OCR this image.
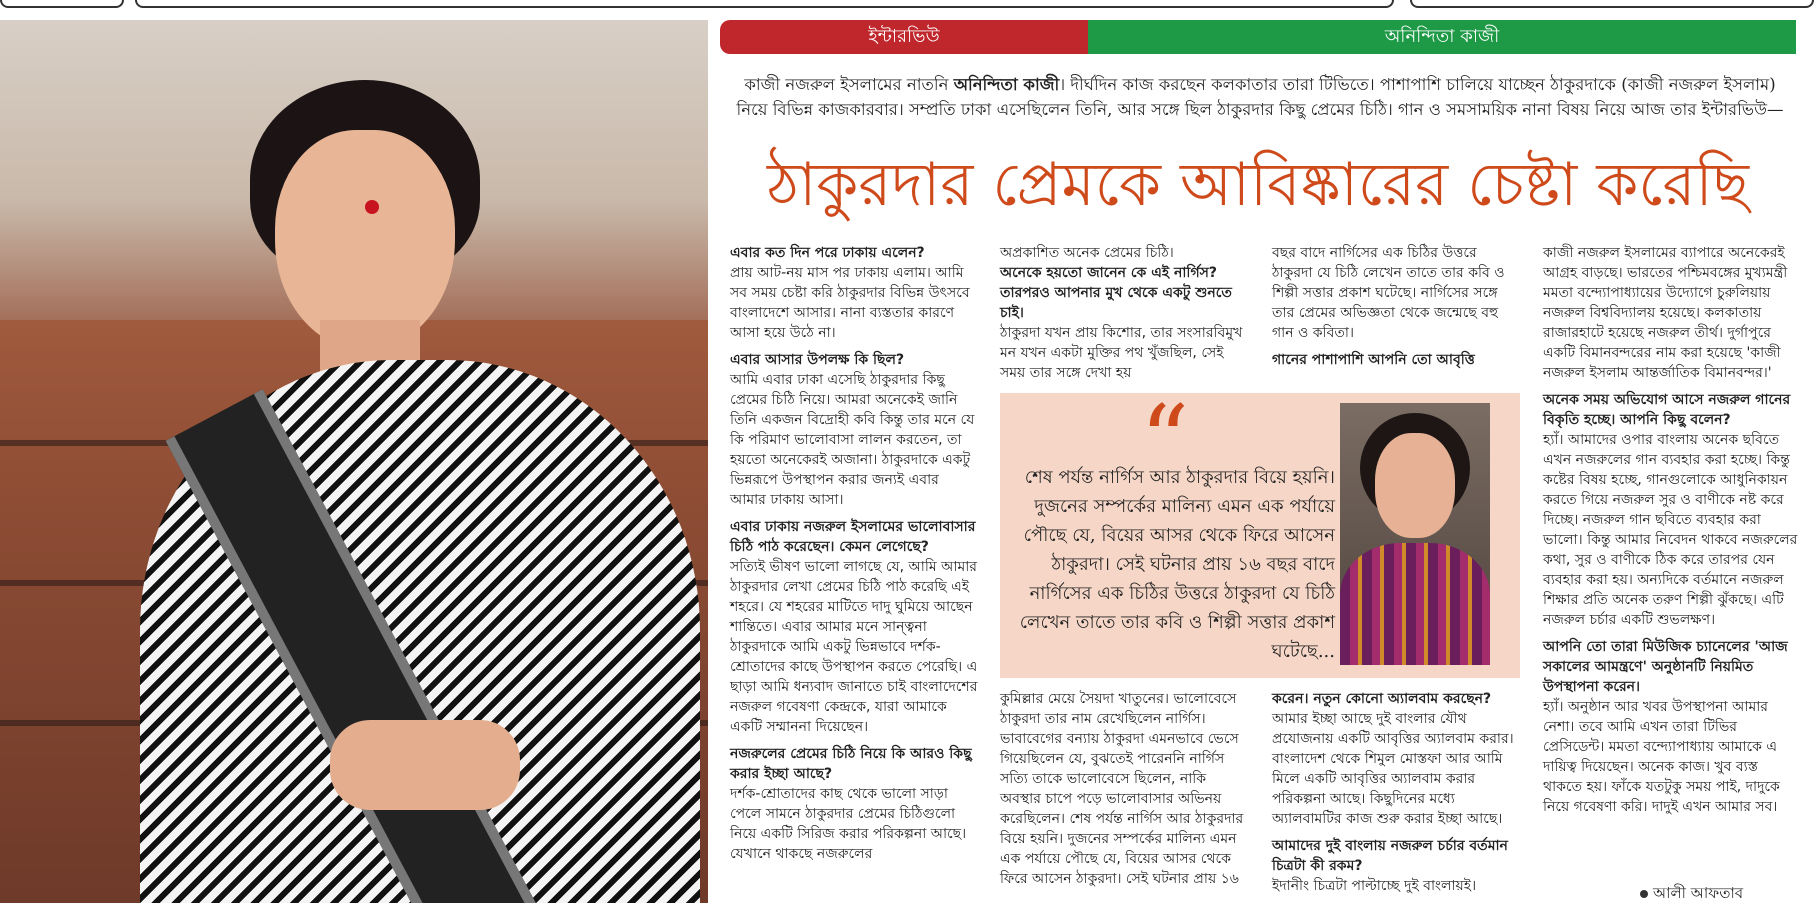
ইন্টারভিউ	অনিন্দিতা কাজী
কাজী নজরুল ইসলামের নাতনি অনিন্দিতা কাজী। দীর্ঘদিন কাজ করছেন কলকাতার তারা টিভিতে। পাশাপাশি চালিয়ে যাচ্ছেন ঠাকুরদাকে (কাজী নজরুল ইসলাম) নিয়ে বিভিন্ন কাজকারবার। সম্প্রতি ঢাকা এসেছিলেন তিনি, আর সঙ্গে ছিল ঠাকুরদার কিছু প্রেমের চিঠি। গান ও সমসাময়িক নানা বিষয় নিয়ে আজ তার ইন্টারভিউ—
ঠাকুরদার প্রেমকে আবিষ্কারের চেষ্টা করেছি

এবার কত দিন পরে ঢাকায় এলেন?
প্রায় আট-নয় মাস পর ঢাকায় এলাম। আমি সব সময় চেষ্টা করি ঠাকুরদার বিভিন্ন উৎসবে বাংলাদেশে আসার। নানা ব্যস্ততার কারণে আসা হয়ে উঠে না।

এবার আসার উপলক্ষ কি ছিল?
আমি এবার ঢাকা এসেছি ঠাকুরদার কিছু প্রেমের চিঠি নিয়ে। আমরা অনেকেই জানি তিনি একজন বিদ্রোহী কবি কিন্তু তার মনে যে কি পরিমাণ ভালোবাসা লালন করতেন, তা হয়তো অনেকেরই অজানা। ঠাকুরদাকে একটু ভিন্নরূপে উপস্থাপন করার জন্যই এবার আমার ঢাকায় আসা।

এবার ঢাকায় নজরুল ইসলামের ভালোবাসার চিঠি পাঠ করেছেন। কেমন লেগেছে?
সত্যিই ভীষণ ভালো লাগছে যে, আমি আমার ঠাকুরদার লেখা প্রেমের চিঠি পাঠ করেছি এই শহরে। যে শহরের মাটিতে দাদু ঘুমিয়ে আছেন শান্তিতে। এবার আমার মনে সান্ত্বনা ঠাকুরদাকে আমি একটু ভিন্নভাবে দর্শক-শ্রোতাদের কাছে উপস্থাপন করতে পেরেছি। এ ছাড়া আমি ধন্যবাদ জানাতে চাই বাংলাদেশের নজরুল গবেষণা কেন্দ্রকে, যারা আমাকে একটি সম্মাননা দিয়েছেন।

নজরুলের প্রেমের চিঠি নিয়ে কি আরও কিছু করার ইচ্ছা আছে?
দর্শক-শ্রোতাদের কাছ থেকে ভালো সাড়া পেলে সামনে ঠাকুরদার প্রেমের চিঠিগুলো নিয়ে একটি সিরিজ করার পরিকল্পনা আছে। যেখানে থাকছে নজরুলের

অপ্রকাশিত অনেক প্রেমের চিঠি।
অনেকে হয়তো জানেন কে এই নার্গিস? তারপরও আপনার মুখ থেকে একটু শুনতে চাই।
ঠাকুরদা যখন প্রায় কিশোর, তার সংসারবিমুখ মন যখন একটা মুক্তির পথ খুঁজছিল, সেই সময় তার সঙ্গে দেখা হয়

বছর বাদে নার্গিসের এক চিঠির উত্তরে ঠাকুরদা যে চিঠি লেখেন তাতে তার কবি ও শিল্পী সত্তার প্রকাশ ঘটেছে। নার্গিসের সঙ্গে তার প্রেমের অভিজ্ঞতা থেকে জন্মেছে বহু গান ও কবিতা।

গানের পাশাপাশি আপনি তো আবৃত্তি

“
শেষ পর্যন্ত নার্গিস আর ঠাকুরদার বিয়ে হয়নি। দুজনের সম্পর্কের মালিন্য এমন এক পর্যায়ে পৌছে যে, বিয়ের আসর থেকে ফিরে আসেন ঠাকুরদা। সেই ঘটনার প্রায় ১৬ বছর বাদে নার্গিসের এক চিঠির উত্তরে ঠাকুরদা যে চিঠি লেখেন তাতে তার কবি ও শিল্পী সত্তার প্রকাশ ঘটেছে...

কুমিল্লার মেয়ে সৈয়দা খাতুনের। ভালোবেসে ঠাকুরদা তার নাম রেখেছিলেন নার্গিস। ভাবাবেগের বন্যায় ঠাকুরদা এমনভাবে ভেসে গিয়েছিলেন যে, বুঝতেই পারেননি নার্গিস সত্যি তাকে ভালোবেসে ছিলেন, নাকি অবস্থার চাপে পড়ে ভালোবাসার অভিনয় করেছিলেন। শেষ পর্যন্ত নার্গিস আর ঠাকুরদার বিয়ে হয়নি। দুজনের সম্পর্কের মালিন্য এমন এক পর্যায়ে পৌছে যে, বিয়ের আসর থেকে ফিরে আসেন ঠাকুরদা। সেই ঘটনার প্রায় ১৬

করেন। নতুন কোনো অ্যালবাম করছেন?
আমার ইচ্ছা আছে দুই বাংলার যৌথ প্রযোজনায় একটি আবৃত্তির অ্যালবাম করার। বাংলাদেশ থেকে শিমুল মোস্তফা আর আমি মিলে একটি আবৃত্তির অ্যালবাম করার পরিকল্পনা আছে। কিছুদিনের মধ্যে অ্যালবামটির কাজ শুরু করার ইচ্ছা আছে।

আমাদের দুই বাংলায় নজরুল চর্চার বর্তমান চিত্রটা কী রকম?
ইদানীং চিত্রটা পাল্টাচ্ছে দুই বাংলায়ই।

কাজী নজরুল ইসলামের ব্যাপারে অনেকেরই আগ্রহ বাড়ছে। ভারতের পশ্চিমবঙ্গের মুখ্যমন্ত্রী মমতা বন্দ্যোপাধ্যায়ের উদ্যোগে চুরুলিয়ায় নজরুল বিশ্ববিদ্যালয় হয়েছে। কলকাতায় রাজারহাটে হয়েছে নজরুল তীর্থ। দুর্গাপুরে একটি বিমানবন্দরের নাম করা হয়েছে 'কাজী নজরুল ইসলাম আন্তর্জাতিক বিমানবন্দর।'

অনেক সময় অভিযোগ আসে নজরুল গানের বিকৃতি হচ্ছে। আপনি কিছু বলেন?
হ্যাঁ। আমাদের ওপার বাংলায় অনেক ছবিতে এখন নজরুলের গান ব্যবহার করা হচ্ছে। কিন্তু কষ্টের বিষয় হচ্ছে, গানগুলোকে আধুনিকায়ন করতে গিয়ে নজরুল সুর ও বাণীকে নষ্ট করে দিচ্ছে। নজরুল গান ছবিতে ব্যবহার করা ভালো। কিন্তু আমার নিবেদন থাকবে নজরুলের কথা, সুর ও বাণীকে ঠিক করে তারপর যেন ব্যবহার করা হয়। অন্যদিকে বর্তমানে নজরুল শিক্ষার প্রতি অনেক তরুণ শিল্পী ঝুঁকছে। এটি নজরুল চর্চার একটি শুভলক্ষণ।

আপনি তো তারা মিউজিক চ্যানেলের 'আজ সকালের আমন্ত্রণে' অনুষ্ঠানটি নিয়মিত উপস্থাপনা করেন।
হ্যাঁ। অনুষ্ঠান আর খবর উপস্থাপনা আমার নেশা। তবে আমি এখন তারা টিভির প্রেসিডেন্ট। মমতা বন্দ্যোপাধ্যায় আমাকে এ দায়িত্ব দিয়েছেন। অনেক কাজ। খুব ব্যস্ত থাকতে হয়। ফাঁকে যতটুকু সময় পাই, দাদুকে নিয়ে গবেষণা করি। দাদুই এখন আমার সব।

আলী আফতাব
